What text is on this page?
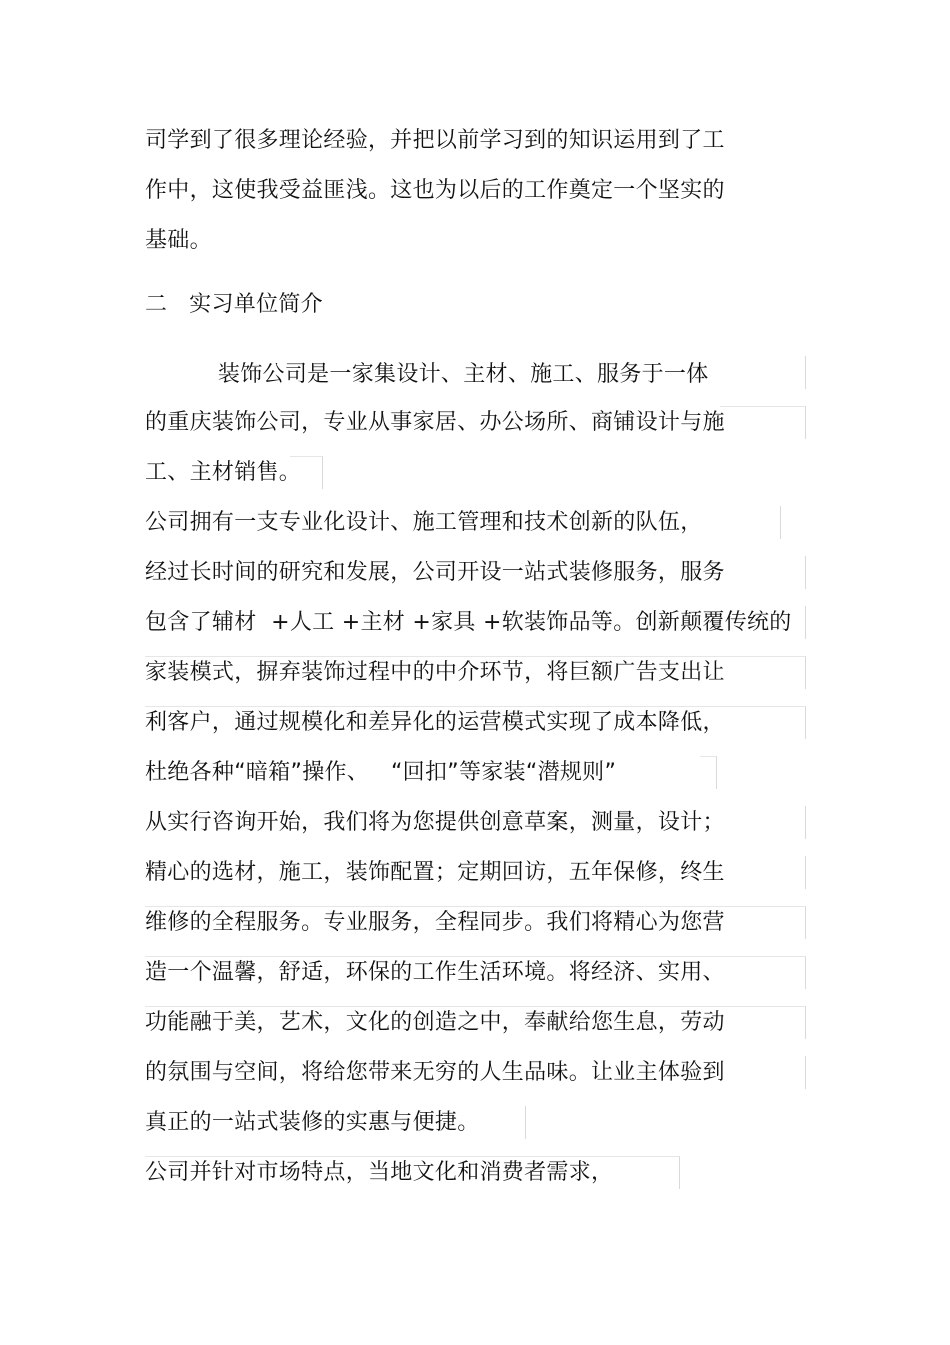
司学到了很多理论经验，并把以前学习到的知识运用到了工
作中，这使我受益匪浅。这也为以后的工作奠定一个坚实的
基础。
二   实习单位简介
装饰公司是一家集设计、主材、施工、服务于一体
的重庆装饰公司，专业从事家居、办公场所、商铺设计与施
工、主材销售。
公司拥有一支专业化设计、施工管理和技术创新的队伍，
经过长时间的研究和发展，公司开设一站式装修服务，服务
包含了辅材  +人工 +主材 +家具 +软装饰品等。创新颠覆传统的
家装模式，摒弃装饰过程中的中介环节，将巨额广告支出让
利客户，通过规模化和差异化的运营模式实现了成本降低，
杜绝各种“暗箱”操作、   “回扣”等家装“潜规则”
从实行咨询开始，我们将为您提供创意草案，测量，设计；
精心的选材，施工，装饰配置；定期回访，五年保修，终生
维修的全程服务。专业服务，全程同步。我们将精心为您营
造一个温馨，舒适，环保的工作生活环境。将经济、实用、
功能融于美，艺术，文化的创造之中，奉献给您生息，劳动
的氛围与空间，将给您带来无穷的人生品味。让业主体验到
真正的一站式装修的实惠与便捷。
公司并针对市场特点，当地文化和消费者需求，
